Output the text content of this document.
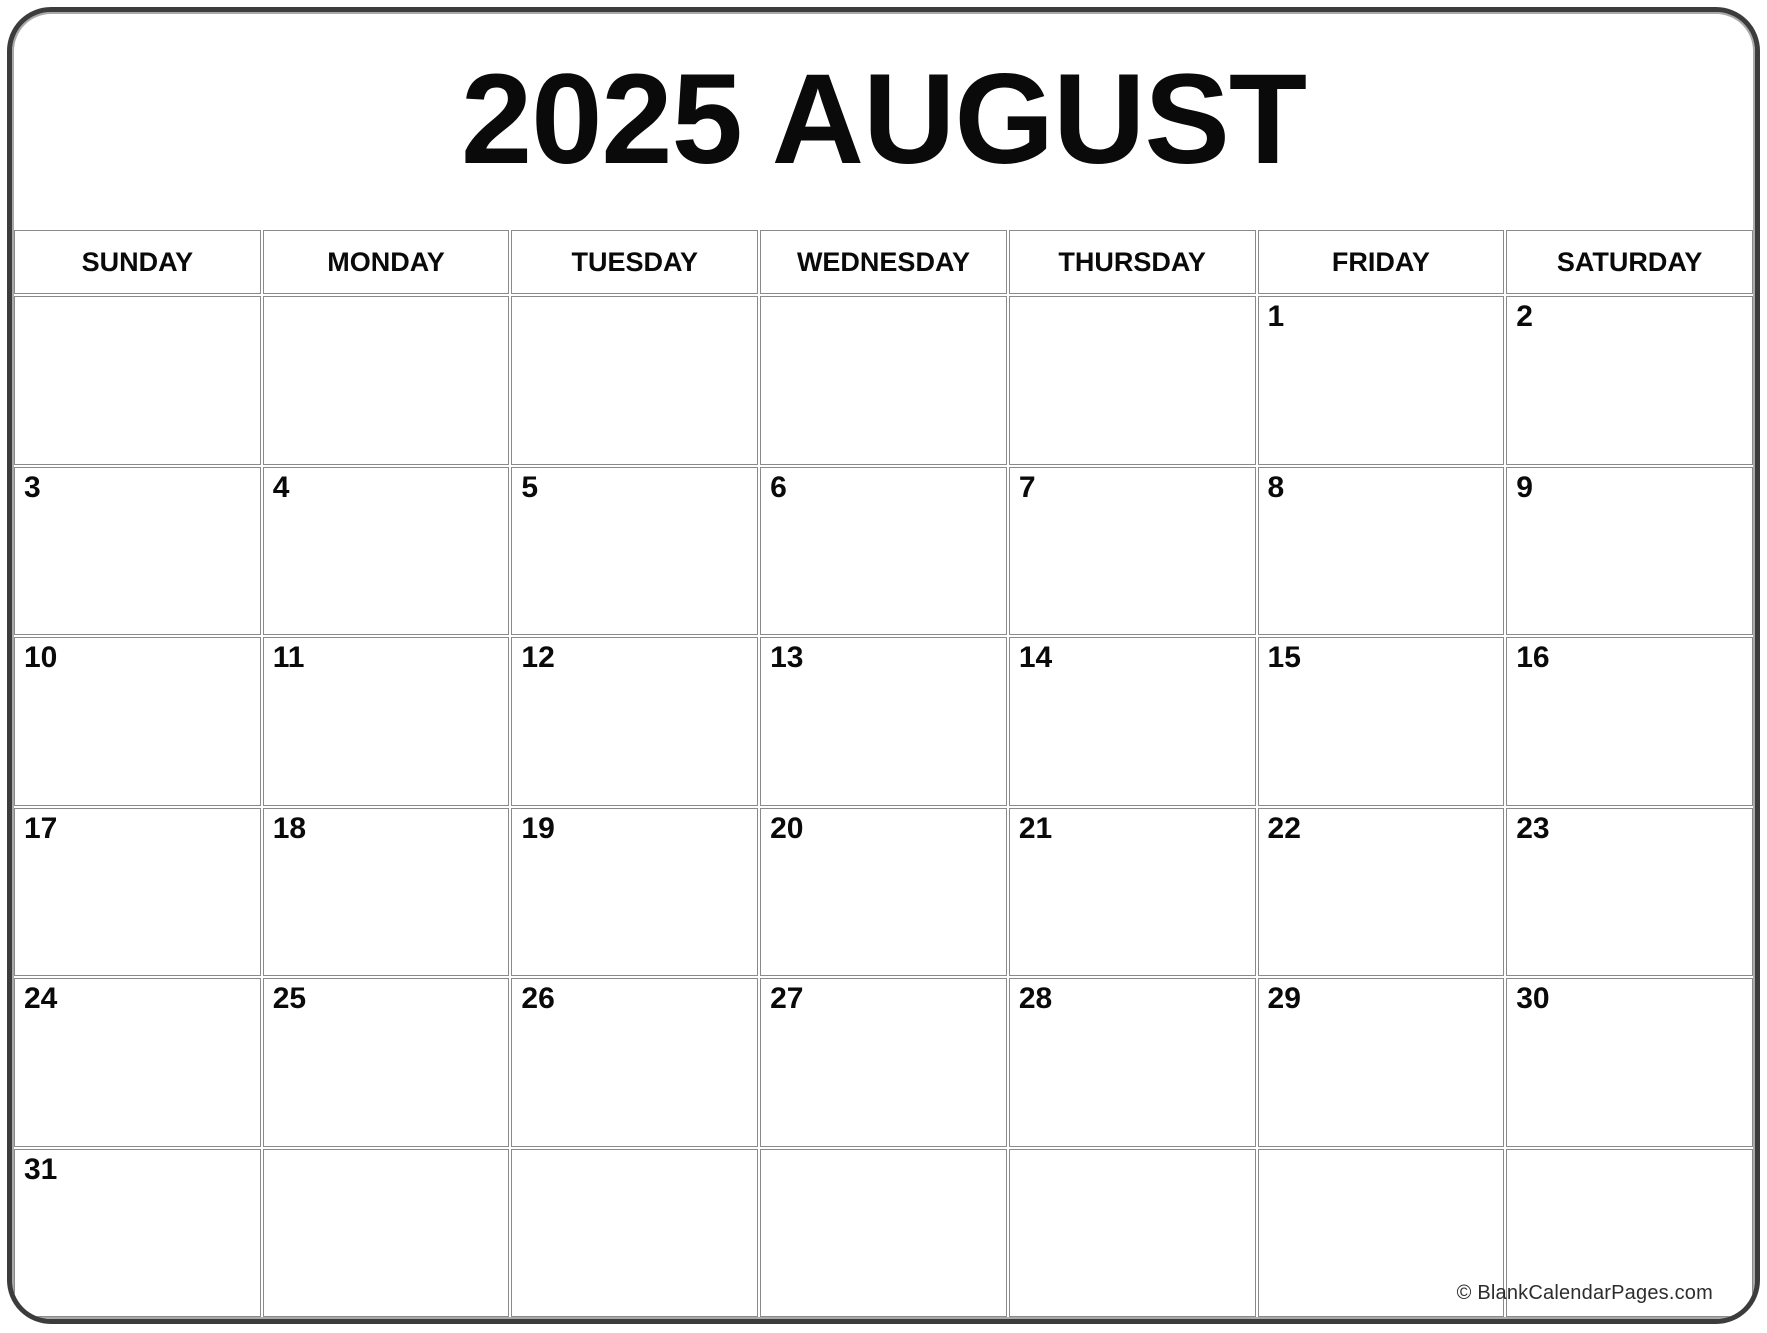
2025 AUGUST
SUNDAY	MONDAY	TUESDAY	WEDNESDAY	THURSDAY	FRIDAY	SATURDAY
					1	2
3	4	5	6	7	8	9
10	11	12	13	14	15	16
17	18	19	20	21	22	23
24	25	26	27	28	29	30
31						
© BlankCalendarPages.com
